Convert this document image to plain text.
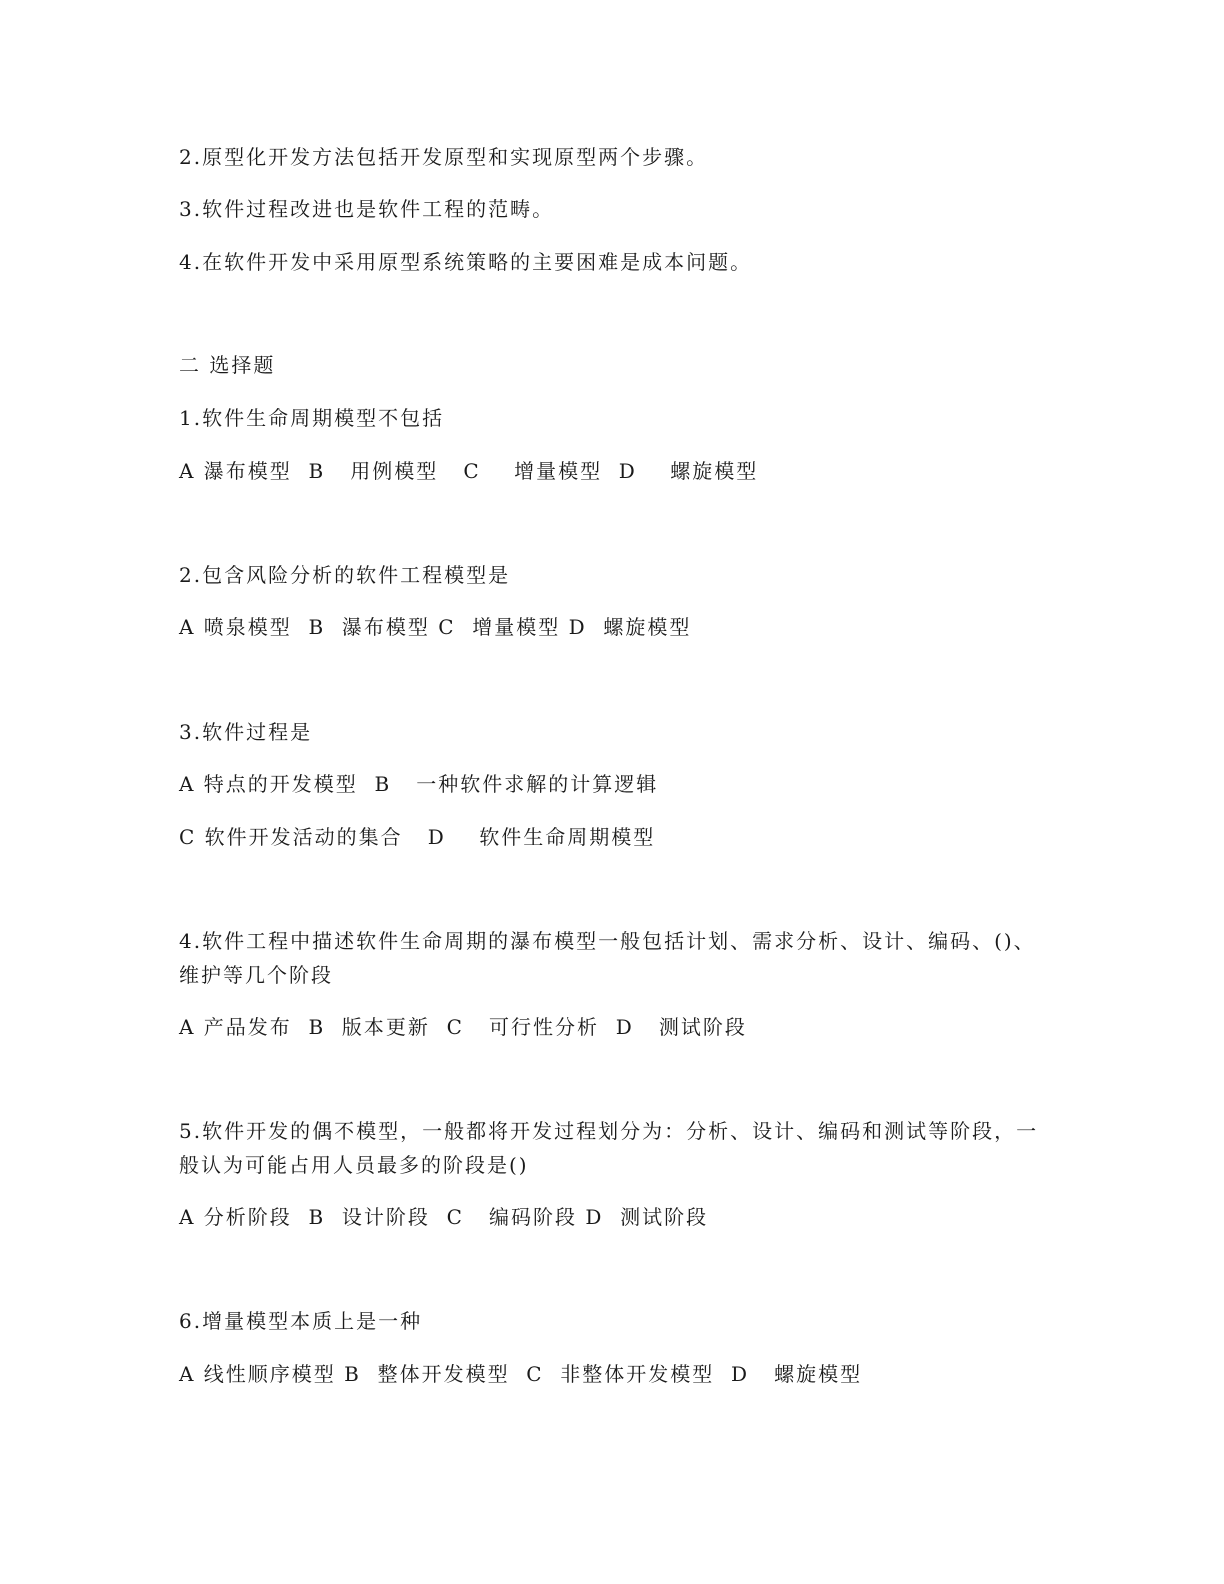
2.原型化开发方法包括开发原型和实现原型两个步骤。
3.软件过程改进也是软件工程的范畴。
4.在软件开发中采用原型系统策略的主要困难是成本问题。
二 选择题
1.软件生命周期模型不包括
A 瀑布模型  B   用例模型   C    增量模型  D    螺旋模型
2.包含风险分析的软件工程模型是
A 喷泉模型  B  瀑布模型 C  增量模型 D  螺旋模型
3.软件过程是
A 特点的开发模型  B   一种软件求解的计算逻辑
C 软件开发活动的集合   D    软件生命周期模型
4.软件工程中描述软件生命周期的瀑布模型一般包括计划、需求分析、设计、编码、()、
维护等几个阶段
A 产品发布  B  版本更新  C   可行性分析  D   测试阶段
5.软件开发的偶不模型，一般都将开发过程划分为：分析、设计、编码和测试等阶段，一
般认为可能占用人员最多的阶段是()
A 分析阶段  B  设计阶段  C   编码阶段 D  测试阶段
6.增量模型本质上是一种
A 线性顺序模型 B  整体开发模型  C  非整体开发模型  D   螺旋模型
